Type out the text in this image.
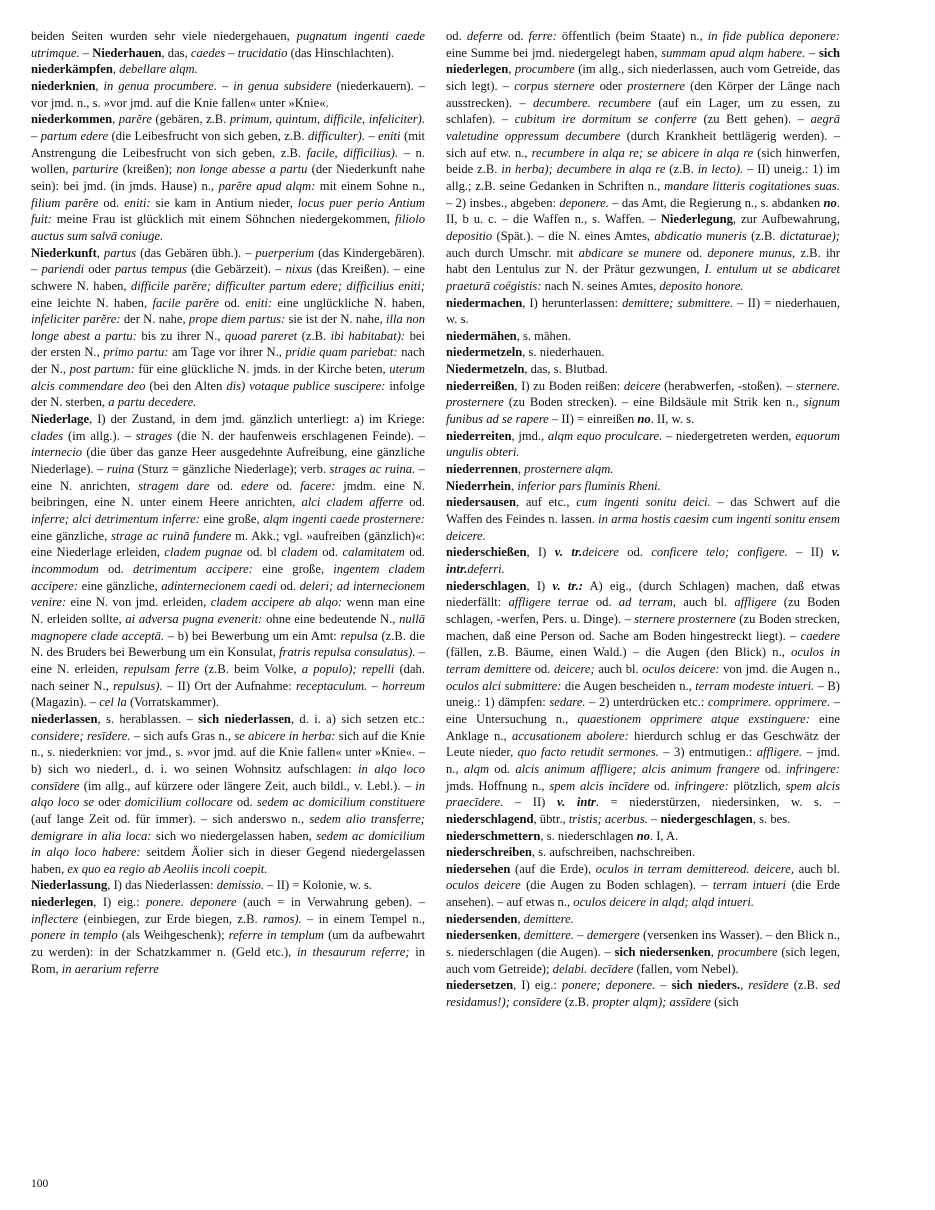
beiden Seiten wurden sehr viele niedergehauen, pugnatum ingenti caede utrimque. – Niederhauen, das, caedes – trucidatio (das Hinschlachten).

niederkämpfen, debellare alqm.

niederknien, in genua procumbere. – in genua subsidere (niederkauern). – vor jmd. n., s. »vor jmd. auf die Knie fallen« unter »Knie«.

niederkommen, parĕre (gebären, z.B. primum, quintum, difficile, infeliciter). – partum edere (die Leibesfrucht von sich geben, z.B. difficulter). – eniti (mit Anstrengung die Leibesfrucht von sich geben, z.B. facile, difficilius). – n. wollen, parturire (kreißen); non longe abesse a partu (der Niederkunft nahe sein): bei jmd. (in jmds. Hause) n., parĕre apud alqm: mit einem Sohne n., filium parĕre od. eniti: sie kam in Antium nieder, locus puer perio Antium fuit: meine Frau ist glücklich mit einem Söhnchen niedergekommen, filiolo auctus sum salvā coniuge.

Niederkunft, partus (das Gebären übh.). – puerperium (das Kindergebären). – pariendi oder partus tempus (die Gebärzeit). – nixus (das Kreißen). – eine schwere N. haben, difficile parĕre; difficulter partum edere; difficilius eniti; eine leichte N. haben, facile parĕre od. eniti: eine unglückliche N. haben, infeliciter parĕre: der N. nahe, prope diem partus: sie ist der N. nahe, illa non longe abest a partu: bis zu ihrer N., quoad pareret (z.B. ibi habitabat): bei der ersten N., primo partu: am Tage vor ihrer N., pridie quam pariebat: nach der N., post partum: für eine glückliche N. jmds. in der Kirche beten, uterum alcis commendare deo (bei den Alten dis) votaque publice suscipere: infolge der N. sterben, a partu decedere.

Niederlage, I) der Zustand, in dem jmd. gänzlich unterliegt: a) im Kriege: clades (im allg.). – strages (die N. der haufenweis erschlagenen Feinde). – internecio (die über das ganze Heer ausgedehnte Aufreibung, eine gänzliche Niederlage). – ruina (Sturz = gänzliche Niederlage); verb. strages ac ruina. – eine N. anrichten, stragem dare od. edere od. facere: jmdm. eine N. beibringen, eine N. unter einem Heere anrichten, alci cladem afferre od. inferre; alci detrimentum inferre: eine große, alqm ingenti caede prosternere: eine gänzliche, strage ac ruinā fundere m. Akk.; vgl. »aufreiben (gänzlich)«: eine Niederlage erleiden, cladem pugnae od. bl cladem od. calamitatem od. incommodum od. detrimentum accipere: eine große, ingentem cladem accipere: eine gänzliche, adinternecionem caedi od. deleri; ad internecionem venire: eine N. von jmd. erleiden, cladem accipere ab alqo: wenn man eine N. erleiden sollte, ai adversa pugna evenerit: ohne eine bedeutende N., nullā magnopere clade acceptā. – b) bei Bewerbung um ein Amt: repulsa (z.B. die N. des Bruders bei Bewerbung um ein Konsulat, fratris repulsa consulatus). – eine N. erleiden, repulsam ferre (z.B. beim Volke, a populo); repelli (dah. nach seiner N., repulsus). – II) Ort der Aufnahme: receptaculum. – horreum (Magazin). – cel la (Vorratskammer).

niederlassen, s. herablassen. – sich niederlassen, d. i. a) sich setzen etc.: considere; resīdere. – sich aufs Gras n., se abicere in herba: sich auf die Knie n., s. niederknien: vor jmd., s. »vor jmd. auf die Knie fallen« unter »Knie«. – b) sich wo niederl., d. i. wo seinen Wohnsitz aufschlagen: in alqo loco consīdere (im allg., auf kürzere oder längere Zeit, auch bildl., v. Lebl.). – in alqo loco se oder domicilium collocare od. sedem ac domicilium constituere (auf lange Zeit od. für immer). – sich anderswo n., sedem alio transferre; demigrare in alia loca: sich wo niedergelassen haben, sedem ac domicilium in alqo loco habere: seitdem Äolier sich in dieser Gegend niedergelassen haben, ex quo ea regio ab Aeoliis incoli coepit.

Niederlassung, I) das Niederlassen: demissio. – II) = Kolonie, w. s.

niederlegen, I) eig.: ponere. deponere (auch = in Verwahrung geben). – inflectere (einbiegen, zur Erde biegen, z.B. ramos). – in einem Tempel n., ponere in templo (als Weihgeschenk); referre in templum (um da aufbewahrt zu werden): in der Schatzkammer n. (Geld etc.), in thesaurum referre; in Rom, in aerarium referre

od. deferre od. ferre: öffentlich (beim Staate) n., in fide publica deponere: eine Summe bei jmd. niedergelegt haben, summam apud alqm habere. – sich niederlegen, procumbere (im allg., sich niederlassen, auch vom Getreide, das sich legt). – corpus sternere oder prosternere (den Körper der Länge nach ausstrecken). – decumbere. recumbere (auf ein Lager, um zu essen, zu schlafen). – cubitum ire dormitum se conferre (zu Bett gehen). – aegrā valetudine oppressum decumbere (durch Krankheit bettlägerig werden). – sich auf etw. n., recumbere in alqa re; se abicere in alqa re (sich hinwerfen, beide z.B. in herba); decumbere in alqa re (z.B. in lecto). – II) uneig.: 1) im allg.; z.B. seine Gedanken in Schriften n., mandare litteris cogitationes suas. – 2) insbes., abgeben: deponere. – das Amt, die Regierung n., s. abdanken no. II, b u. c. – die Waffen n., s. Waffen. – Niederlegung, zur Aufbewahrung, depositio (Spät.). – die N. eines Amtes, abdicatio muneris (z.B. dictaturae); auch durch Umschr. mit abdicare se munere od. deponere munus, z.B. ihr habt den Lentulus zur N. der Prätur gezwungen, I. entulum ut se abdicaret praeturā coëgistis: nach N. seines Amtes, deposito honore.

niedermachen, I) herunterlassen: demittere; submittere. – II) = niederhauen, w. s.

niedermähen, s. mähen.

niedermetzeln, s. niederhauen.

Niedermetzeln, das, s. Blutbad.

niederreißen, I) zu Boden reißen: deicere (herabwerfen, -stoßen). – sternere. prosternere (zu Boden strecken). – eine Bildsäule mit Strik ken n., signum funibus ad se rapere – II) = einreißen no. II, w. s.

niederreiten, jmd., alqm equo proculcare. – niedergetreten werden, equorum ungulis obteri.

niederrennen, prosternere alqm.

Niederrhein, inferior pars fluminis Rheni.

niedersausen, auf etc., cum ingenti sonitu deici. – das Schwert auf die Waffen des Feindes n. lassen. in arma hostis caesim cum ingenti sonitu ensem deicere.

niederschießen, I) v. tr.deicere od. conficere telo; configere. – II) v. intr.deferri.

niederschlagen, I) v. tr.: A) eig., (durch Schlagen) machen, daß etwas niederfällt: affligere terrae od. ad terram, auch bl. affligere (zu Boden schlagen, -werfen, Pers. u. Dinge). – sternere prosternere (zu Boden strecken, machen, daß eine Person od. Sache am Boden hingestreckt liegt). – caedere (fällen, z.B. Bäume, einen Wald.) – die Augen (den Blick) n., oculos in terram demittere od. deicere; auch bl. oculos deicere: von jmd. die Augen n., oculos alci submittere: die Augen bescheiden n., terram modeste intueri. – B) uneig.: 1) dämpfen: sedare. – 2) unterdrücken etc.: comprimere. opprimere. – eine Untersuchung n., quaestionem opprimere atque exstinguere: eine Anklage n., accusationem abolere: hierdurch schlug er das Geschwätz der Leute nieder, quo facto retudit sermones. – 3) entmutigen.: affligere. – jmd. n., alqm od. alcis animum affligere; alcis animum frangere od. infringere: jmds. Hoffnung n., spem alcis incīdere od. infringere: plötzlich, spem alcis praecīdere. – II) v. intr. = niederstürzen, niedersinken, w. s. – niederschlagend, übtr., tristis; acerbus. – niedergeschlagen, s. bes.

niederschmettern, s. niederschlagen no. I, A.

niederschreiben, s. aufschreiben, nachschreiben.

niedersehen (auf die Erde), oculos in terram demittereod. deicere, auch bl. oculos deicere (die Augen zu Boden schlagen). – terram intueri (die Erde ansehen). – auf etwas n., oculos deicere in alqd; alqd intueri.

niedersenden, demittere.

niedersenken, demittere. – demergere (versenken ins Wasser). – den Blick n., s. niederschlagen (die Augen). – sich niedersenken, procumbere (sich legen, auch vom Getreide); delabi. decīdere (fallen, vom Nebel).

niedersetzen, I) eig.: ponere; deponere. – sich nieders., resīdere (z.B. sed residamus!); consīdere (z.B. propter alqm); assīdere (sich

100
